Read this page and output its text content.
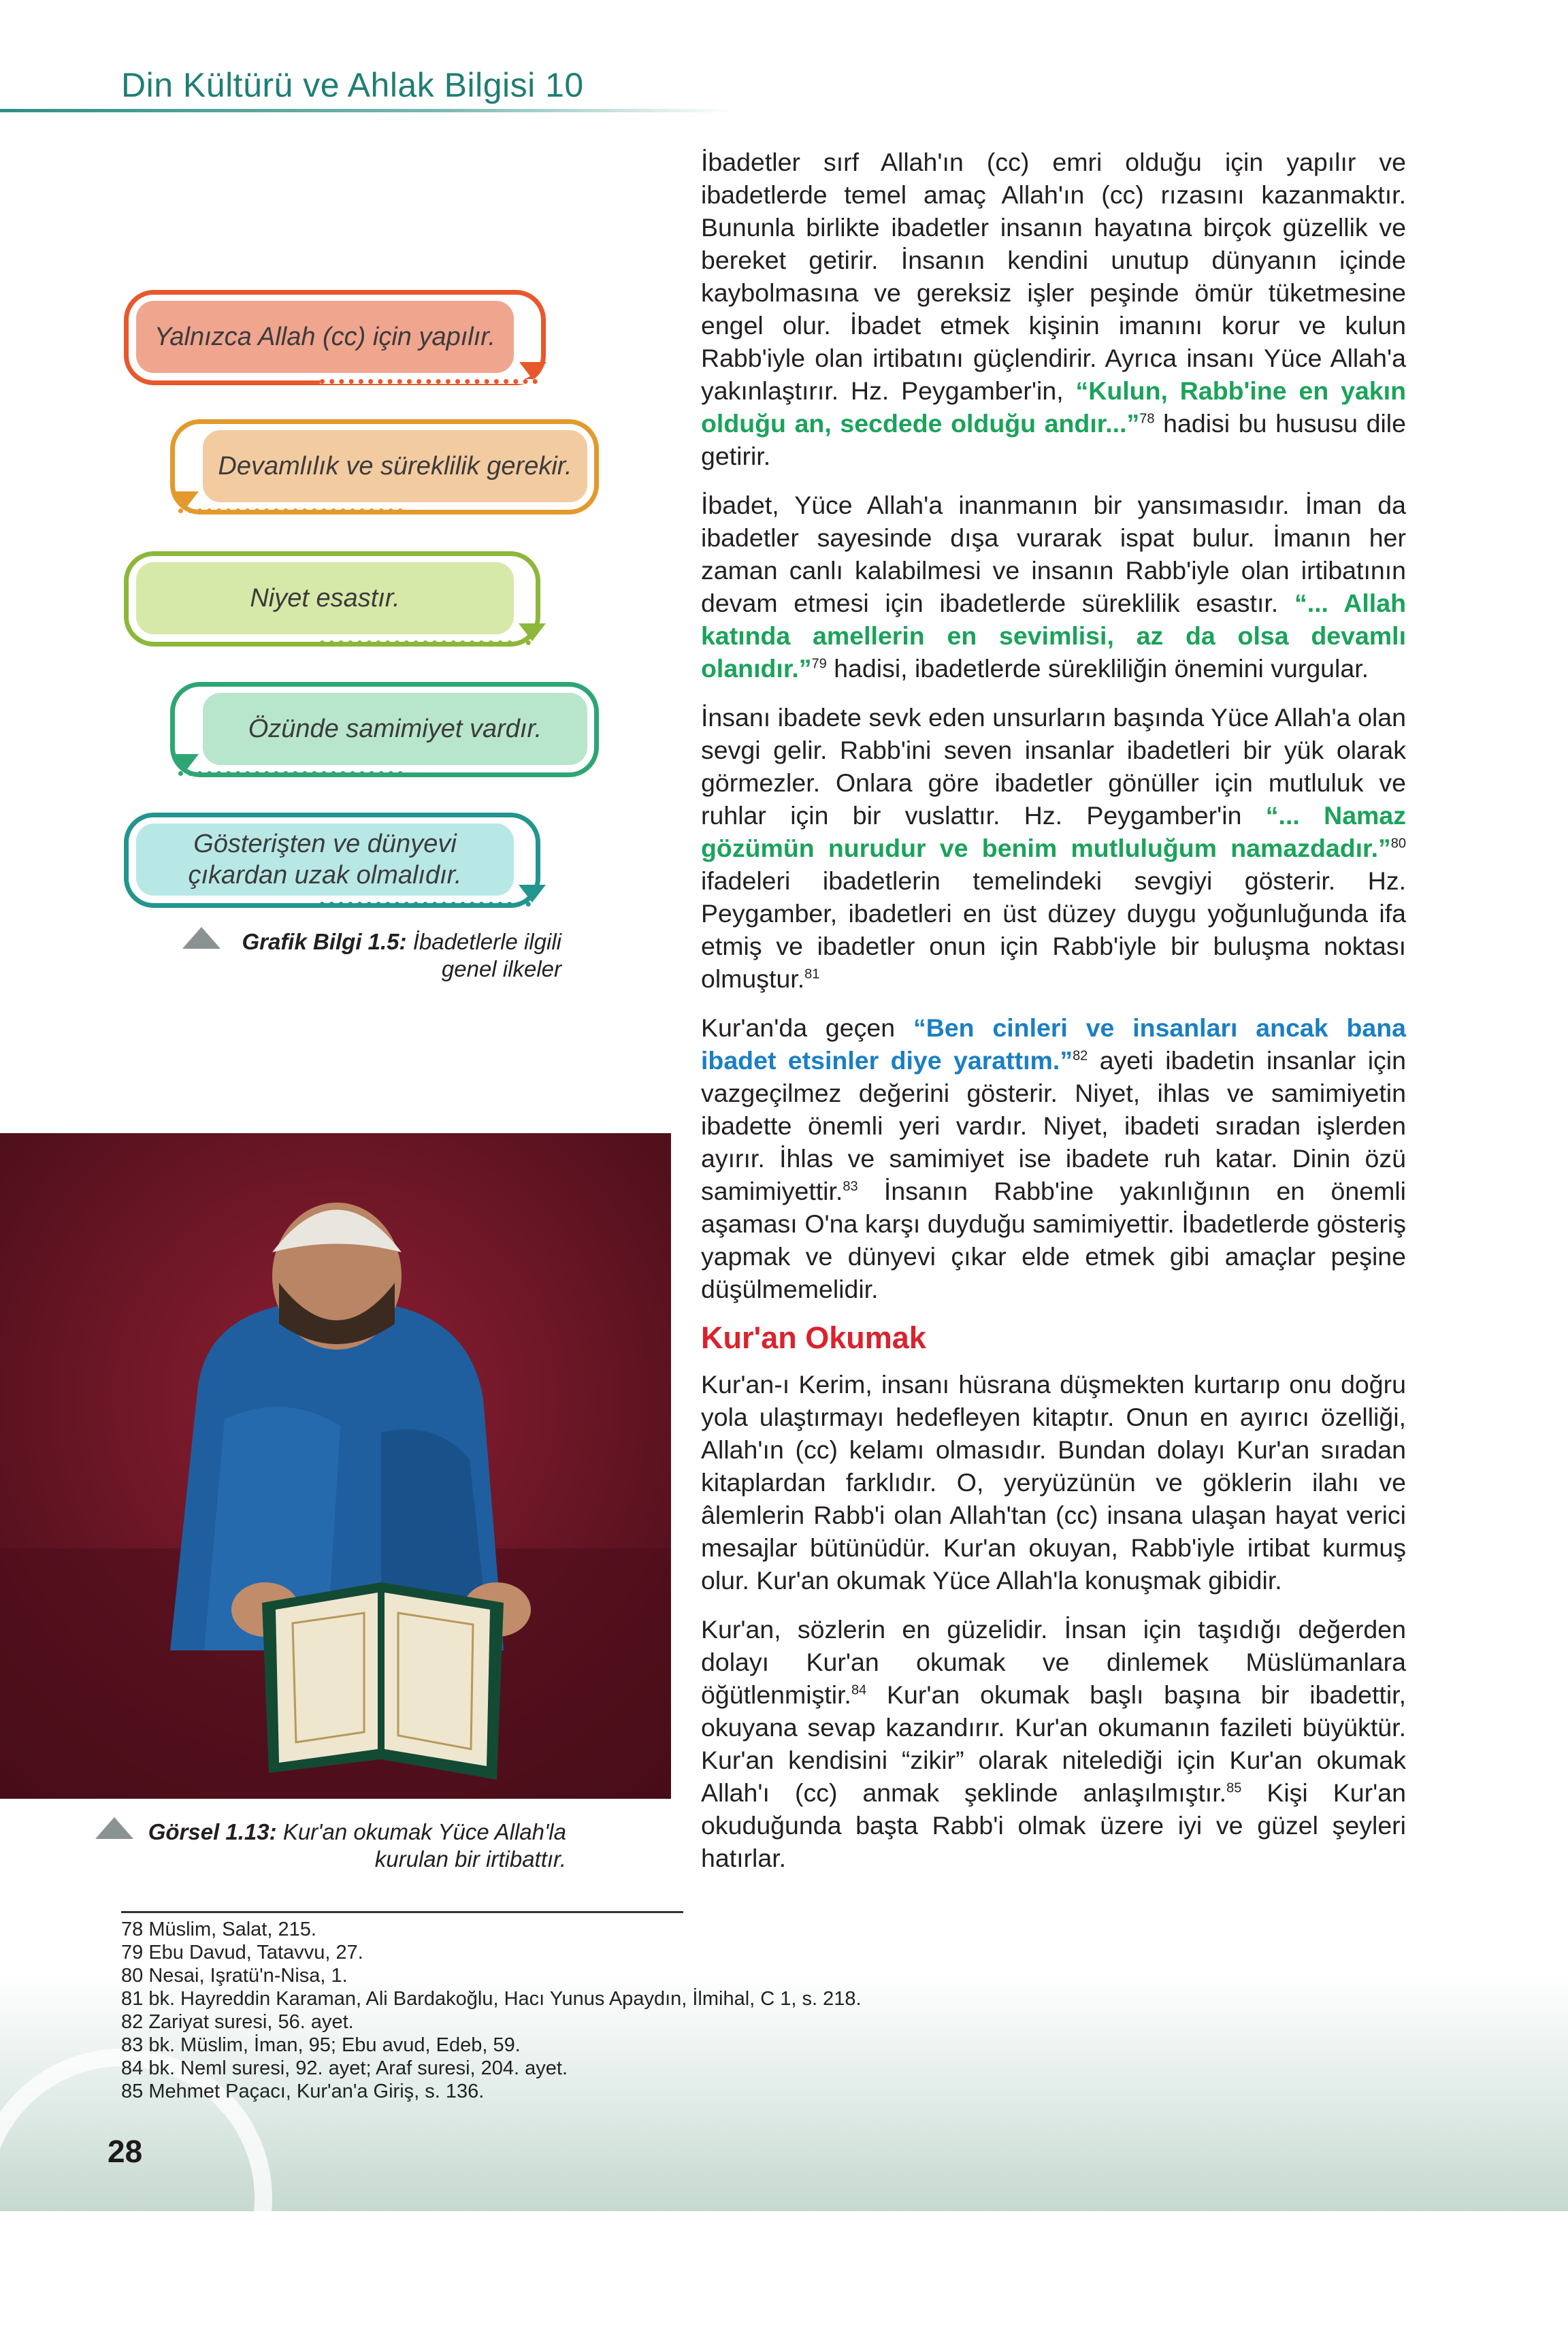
Din Kültürü ve Ahlak Bilgisi 10
Yalnızca Allah (cc) için yapılır.
Devamlılık ve süreklilik gerekir.
Niyet esastır.
Özünde samimiyet vardır.
Gösterişten ve dünyevi
çıkardan uzak olmalıdır.
Grafik Bilgi 1.5: İbadetlerle ilgili
genel ilkeler
Görsel 1.13: Kur'an okumak Yüce Allah'la
kurulan bir irtibattır.

İbadetler sırf Allah'ın (cc) emri olduğu için yapılır ve ibadetlerde temel amaç Allah'ın (cc) rızasını kazanmaktır. Bununla birlikte ibadetler insanın hayatına birçok güzellik ve bereket getirir. İnsanın kendini unutup dünyanın içinde kaybolmasına ve gereksiz işler peşinde ömür tüketmesine engel olur. İbadet etmek kişinin imanını korur ve kulun Rabb'iyle olan irtibatını güçlendirir. Ayrıca insanı Yüce Allah'a yakınlaştırır. Hz. Peygamber'in, “Kulun, Rabb'ine en yakın olduğu an, secdede olduğu andır...”$^{78}$ hadisi bu hususu dile getirir.

İbadet, Yüce Allah'a inanmanın bir yansımasıdır. İman da ibadetler sayesinde dışa vurarak ispat bulur. İmanın her zaman canlı kalabilmesi ve insanın Rabb'iyle olan irtibatının devam etmesi için ibadetlerde süreklilik esastır. “... Allah katında amellerin en sevimlisi, az da olsa devamlı olanıdır.”$^{79}$ hadisi, ibadetlerde sürekliliğin önemini vurgular.

İnsanı ibadete sevk eden unsurların başında Yüce Allah'a olan sevgi gelir. Rabb'ini seven insanlar ibadetleri bir yük olarak görmezler. Onlara göre ibadetler gönüller için mutluluk ve ruhlar için bir vuslattır. Hz. Peygamber'in “... Namaz gözümün nurudur ve benim mutluluğum namazdadır.”$^{80}$ ifadeleri ibadetlerin temelindeki sevgiyi gösterir. Hz. Peygamber, ibadetleri en üst düzey duygu yoğunluğunda ifa etmiş ve ibadetler onun için Rabb'iyle bir buluşma noktası olmuştur.$^{81}$

Kur'an'da geçen “Ben cinleri ve insanları ancak bana ibadet etsinler diye yarattım.”$^{82}$ ayeti ibadetin insanlar için vazgeçilmez değerini gösterir. Niyet, ihlas ve samimiyetin ibadette önemli yeri vardır. Niyet, ibadeti sıradan işlerden ayırır. İhlas ve samimiyet ise ibadete ruh katar. Dinin özü samimiyettir.$^{83}$ İnsanın Rabb'ine yakınlığının en önemli aşaması O'na karşı duyduğu samimiyettir. İbadetlerde gösteriş yapmak ve dünyevi çıkar elde etmek gibi amaçlar peşine düşülmemelidir.

Kur'an Okumak

Kur'an-ı Kerim, insanı hüsrana düşmekten kurtarıp onu doğru yola ulaştırmayı hedefleyen kitaptır. Onun en ayırıcı özelliği, Allah'ın (cc) kelamı olmasıdır. Bundan dolayı Kur'an sıradan kitaplardan farklıdır. O, yeryüzünün ve göklerin ilahı ve âlemlerin Rabb'i olan Allah'tan (cc) insana ulaşan hayat verici mesajlar bütünüdür. Kur'an okuyan, Rabb'iyle irtibat kurmuş olur. Kur'an okumak Yüce Allah'la konuşmak gibidir.

Kur'an, sözlerin en güzelidir. İnsan için taşıdığı değerden dolayı Kur'an okumak ve dinlemek Müslümanlara öğütlenmiştir.$^{84}$ Kur'an okumak başlı başına bir ibadettir, okuyana sevap kazandırır. Kur'an okumanın fazileti büyüktür. Kur'an kendisini “zikir” olarak nitelediği için Kur'an okumak Allah'ı (cc) anmak şeklinde anlaşılmıştır.$^{85}$ Kişi Kur'an okuduğunda başta Rabb'i olmak üzere iyi ve güzel şeyleri hatırlar.

78 Müslim, Salat, 215.
79 Ebu Davud, Tatavvu, 27.
80 Nesai, Işratü'n-Nisa, 1.
81 bk. Hayreddin Karaman, Ali Bardakoğlu, Hacı Yunus Apaydın, İlmihal, C 1, s. 218.
82 Zariyat suresi, 56. ayet.
83 bk. Müslim, İman, 95; Ebu avud, Edeb, 59.
84 bk. Neml suresi, 92. ayet; Araf suresi, 204. ayet.
85 Mehmet Paçacı, Kur'an'a Giriş, s. 136.
28
